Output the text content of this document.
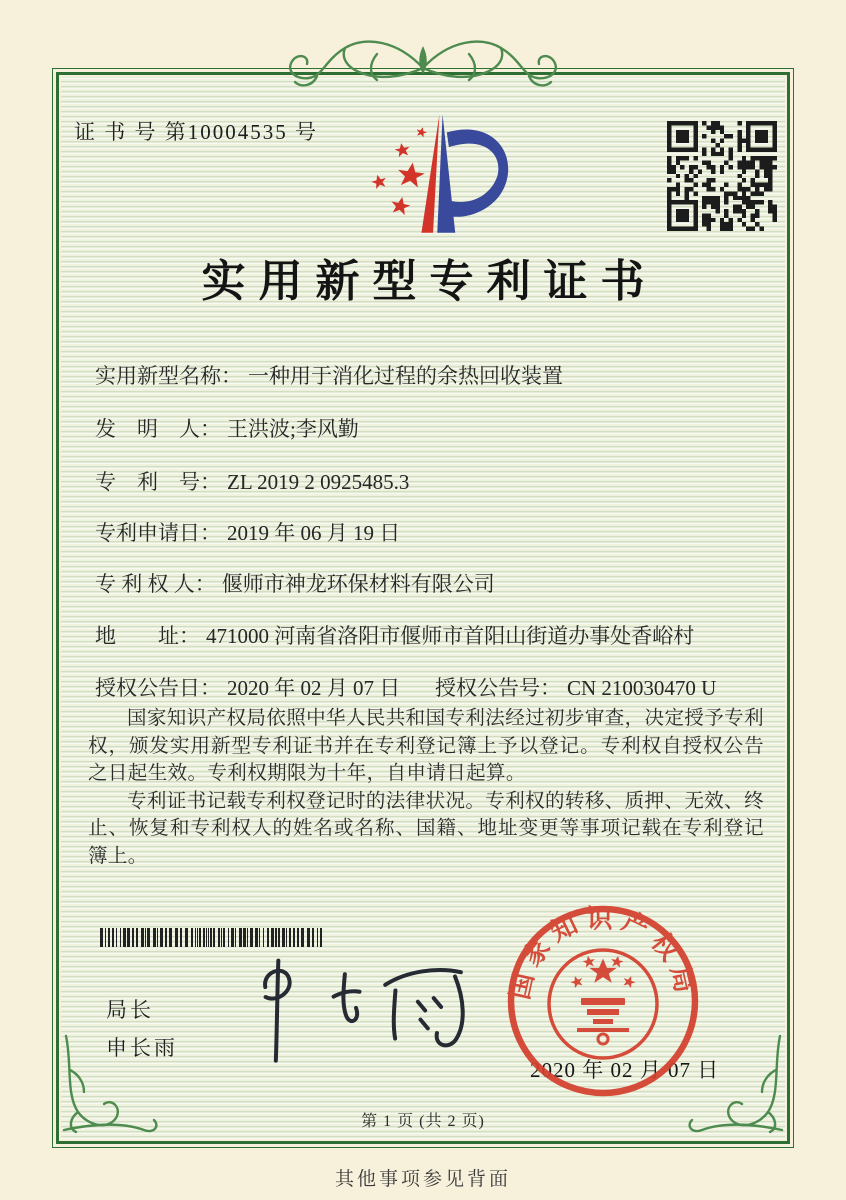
证 书 号 第10004535 号
实用新型专利证书
实用新型名称： 一种用于消化过程的余热回收装置
发　明　人： 王洪波;李风勤
专　利　号： ZL 2019 2 0925485.3
专利申请日： 2019 年 06 月 19 日
专 利 权 人： 偃师市神龙环保材料有限公司
地　　址： 471000 河南省洛阳市偃师市首阳山街道办事处香峪村
授权公告日： 2020 年 02 月 07 日 授权公告号： CN 210030470 U

国家知识产权局依照中华人民共和国专利法经过初步审查，决定授予专利权，颁发实用新型专利证书并在专利登记簿上予以登记。专利权自授权公告之日起生效。专利权期限为十年，自申请日起算。

专利证书记载专利权登记时的法律状况。专利权的转移、质押、无效、终止、恢复和专利权人的姓名或名称、国籍、地址变更等事项记载在专利登记簿上。

局长
申长雨
国家知识产权局
2020 年 02 月 07 日
第 1 页 (共 2 页)
其他事项参见背面
